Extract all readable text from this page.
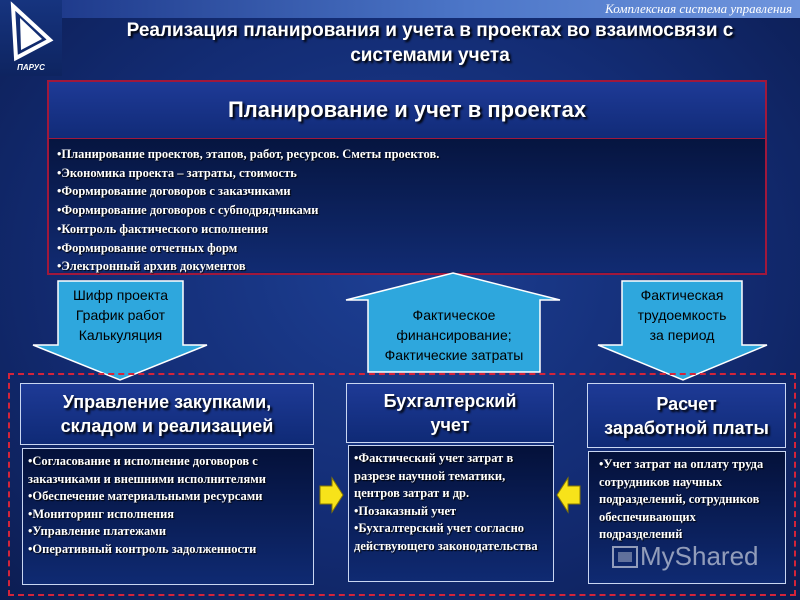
Комплексная система управления
ПАРУС
Реализация планирования и учета в проектах во взаимосвязи с системами учета
Планирование и учет в проектах
• Планирование проектов, этапов, работ, ресурсов. Сметы проектов.
• Экономика проекта – затраты, стоимость
• Формирование договоров с заказчиками
• Формирование договоров с субподрядчиками
• Контроль фактического исполнения
• Формирование отчетных форм
• Электронный архив документов
Шифр проекта
График работ
Калькуляция
Фактическое
финансирование;
Фактические затраты
Фактическая
трудоемкость
за период
Управление закупками,
складом и реализацией
• Согласование и исполнение договоров с заказчиками и внешними исполнителями
• Обеспечение материальными ресурсами
• Мониторинг исполнения
• Управление платежами
• Оперативный контроль задолженности
Бухгалтерский
учет
• Фактический учет затрат в разрезе научной тематики, центров затрат и др.
• Позаказный учет
• Бухгалтерский учет согласно действующего законодательства
Расчет
заработной платы
• Учет затрат на оплату труда сотрудников научных подразделений, сотрудников обеспечивающих подразделений
MyShared
